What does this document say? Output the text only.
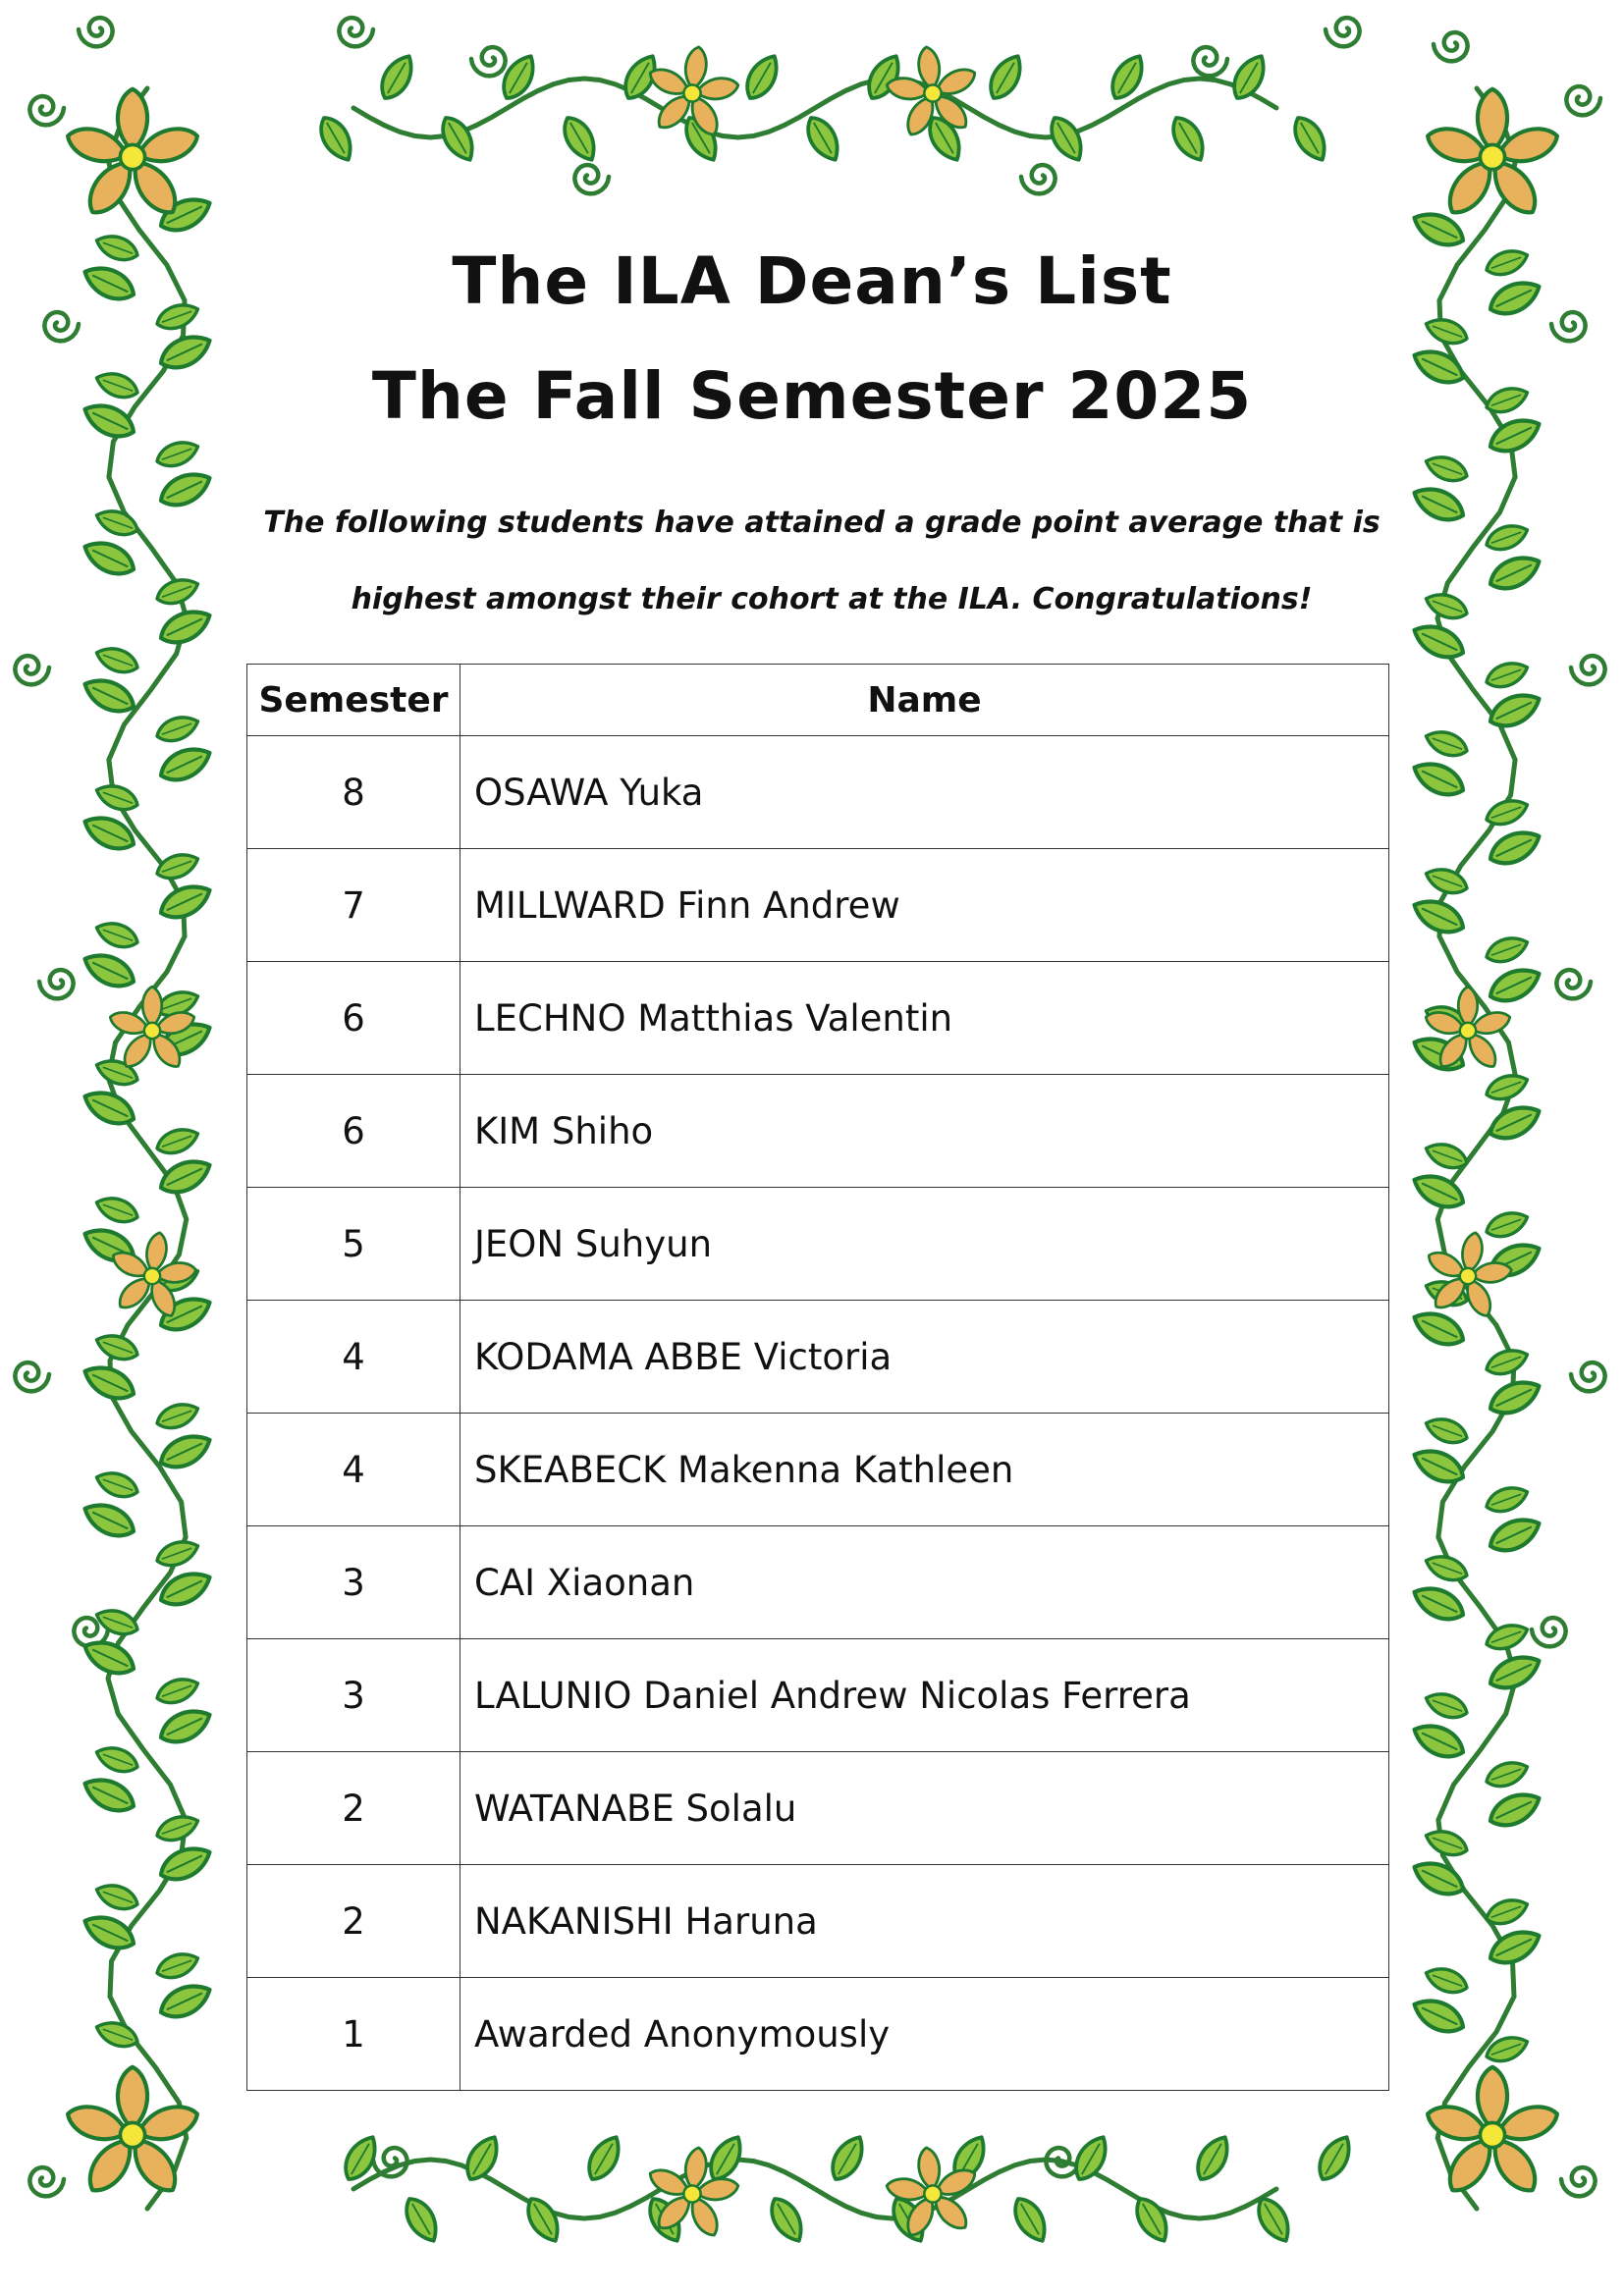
The ILA Dean’s List
The Fall Semester 2025

The following students have attained a grade point average that is

highest amongst their cohort at the ILA. Congratulations!

Semester	Name
8	OSAWA Yuka
7	MILLWARD Finn Andrew
6	LECHNO Matthias Valentin
6	KIM Shiho
5	JEON Suhyun
4	KODAMA ABBE Victoria
4	SKEABECK Makenna Kathleen
3	CAI Xiaonan
3	LALUNIO Daniel Andrew Nicolas Ferrera
2	WATANABE Solalu
2	NAKANISHI Haruna
1	Awarded Anonymously
